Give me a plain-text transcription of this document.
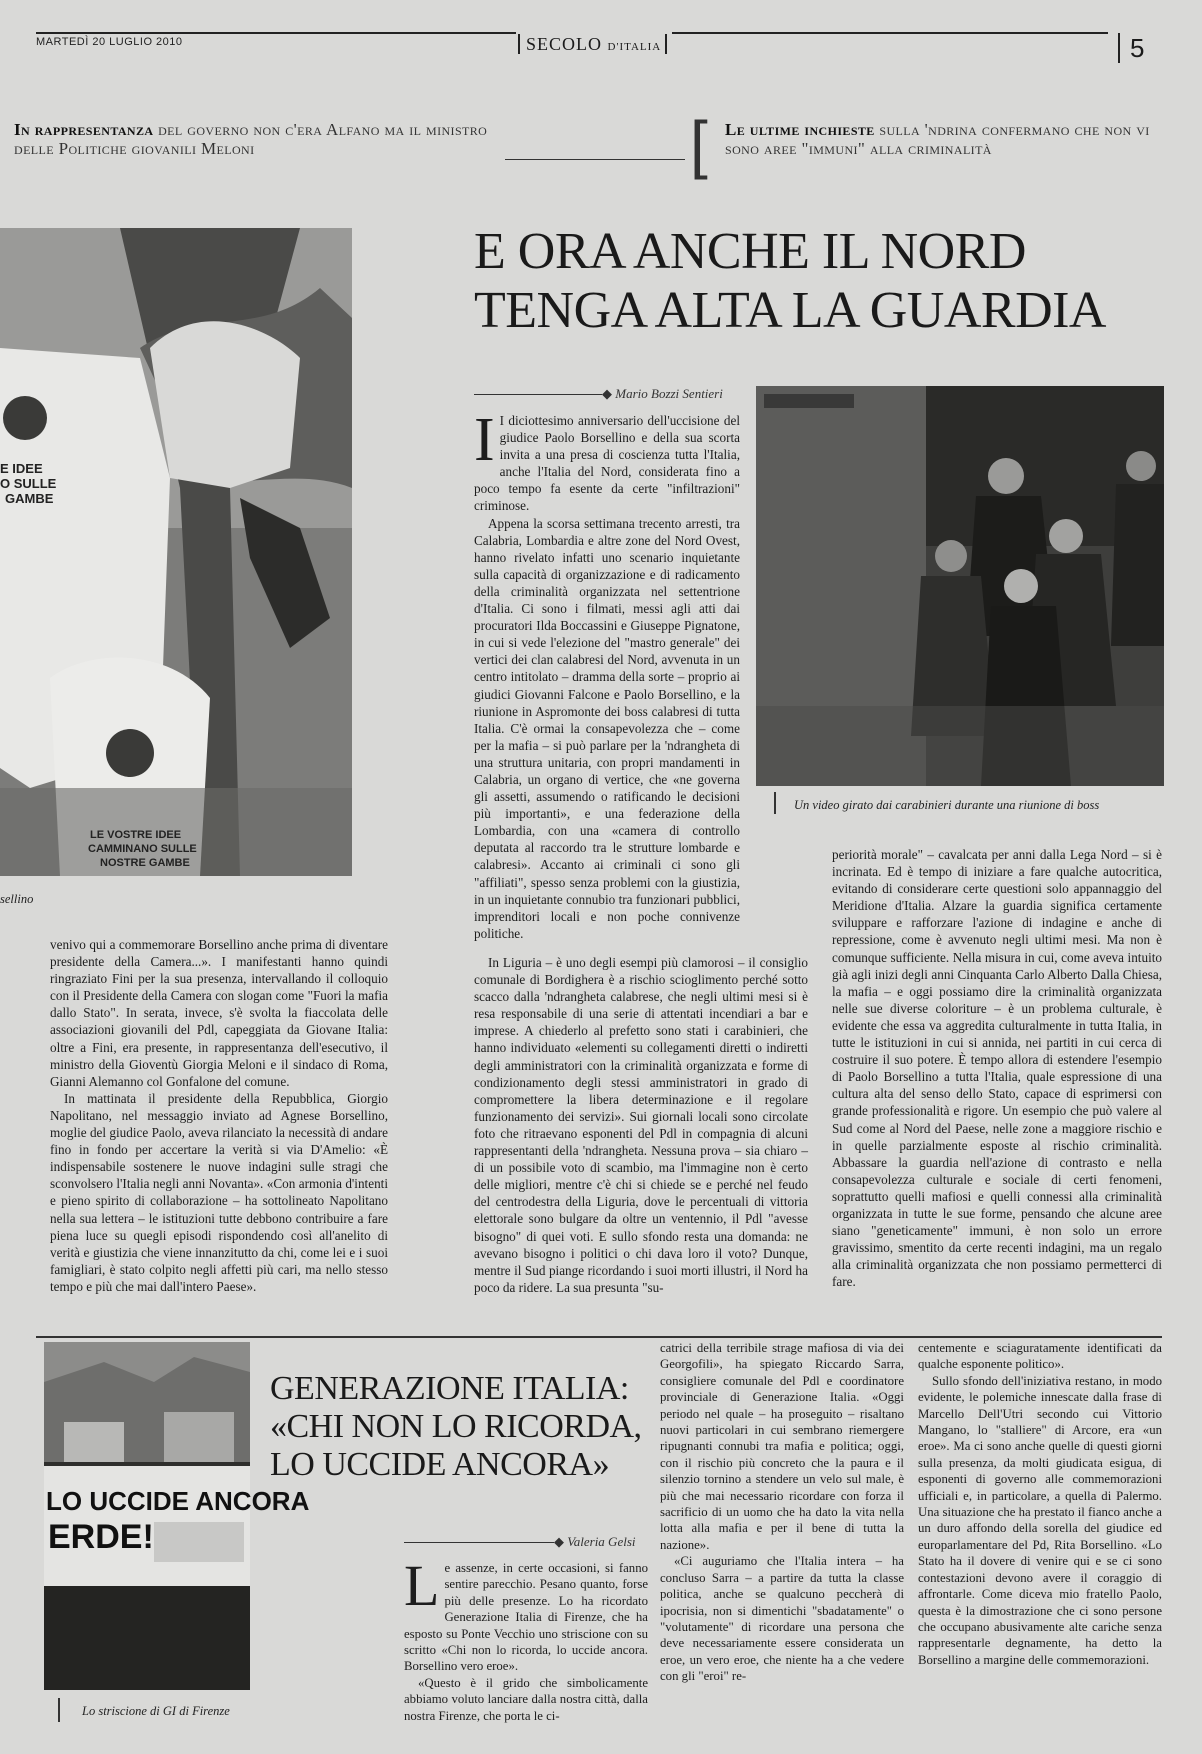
MARTEDÌ 20 LUGLIO 2010	SECOLO D'ITALIA	5
In rappresentanza del governo non c'era Alfano ma il ministro delle Politiche giovanili Meloni	[ Le ultime inchieste sulla 'ndrina confermano che non vi sono aree "immuni" alla criminalità
E IDEE
O SULLE
GAMBE
LE VOSTRE IDEE
CAMMINANO SULLE
NOSTRE GAMBE
sellino
E ORA ANCHE IL NORD
TENGA ALTA LA GUARDIA
◆ Mario Bozzi Sentieri
Un video girato dai carabinieri durante una riunione di boss

I I diciottesimo anniversario dell'uccisione del giudice Paolo Borsellino e della sua scorta invita a una presa di coscienza tutta l'Italia, anche l'Italia del Nord, considerata fino a poco tempo fa esente da certe "infiltrazioni" criminose.

Appena la scorsa settimana trecento arresti, tra Calabria, Lombardia e altre zone del Nord Ovest, hanno rivelato infatti uno scenario inquietante sulla capacità di organizzazione e di radicamento della criminalità organizzata nel settentrione d'Italia. Ci sono i filmati, messi agli atti dai procuratori Ilda Boccassini e Giuseppe Pignatone, in cui si vede l'elezione del "mastro generale" dei vertici dei clan calabresi del Nord, avvenuta in un centro intitolato – dramma della sorte – proprio ai giudici Giovanni Falcone e Paolo Borsellino, e la riunione in Aspromonte dei boss calabresi di tutta Italia. C'è ormai la consapevolezza che – come per la mafia – si può parlare per la 'ndrangheta di una struttura unitaria, con propri mandamenti in Calabria, un organo di vertice, che «ne governa gli assetti, assumendo o ratificando le decisioni più importanti», e una federazione della Lombardia, con una «camera di controllo deputata al raccordo tra le strutture lombarde e calabresi». Accanto ai criminali ci sono gli "affiliati", spesso senza problemi con la giustizia, in un inquietante connubio tra funzionari pubblici, imprenditori locali e non poche connivenze politiche.

In Liguria – è uno degli esempi più clamorosi – il consiglio comunale di Bordighera è a rischio scioglimento perché sotto scacco dalla 'ndrangheta calabrese, che negli ultimi mesi si è resa responsabile di una serie di attentati incendiari a bar e imprese. A chiederlo al prefetto sono stati i carabinieri, che hanno individuato «elementi su collegamenti diretti o indiretti degli amministratori con la criminalità organizzata e forme di condizionamento degli stessi amministratori in grado di compromettere la libera determinazione e il regolare funzionamento dei servizi». Sui giornali locali sono circolate foto che ritraevano esponenti del Pdl in compagnia di alcuni rappresentanti della 'ndrangheta. Nessuna prova – sia chiaro – di un possibile voto di scambio, ma l'immagine non è certo delle migliori, mentre c'è chi si chiede se e perché nel feudo del centrodestra della Liguria, dove le percentuali di vittoria elettorale sono bulgare da oltre un ventennio, il Pdl "avesse bisogno" di quei voti. E sullo sfondo resta una domanda: ne avevano bisogno i politici o chi dava loro il voto? Dunque, mentre il Sud piange ricordando i suoi morti illustri, il Nord ha poco da ridere. La sua presunta "su-

periorità morale" – cavalcata per anni dalla Lega Nord – si è incrinata. Ed è tempo di iniziare a fare qualche autocritica, evitando di considerare certe questioni solo appannaggio del Meridione d'Italia. Alzare la guardia significa certamente sviluppare e rafforzare l'azione di indagine e anche di repressione, come è avvenuto negli ultimi mesi. Ma non è comunque sufficiente. Nella misura in cui, come aveva intuito già agli inizi degli anni Cinquanta Carlo Alberto Dalla Chiesa, la mafia – e oggi possiamo dire la criminalità organizzata nelle sue diverse coloriture – è un problema culturale, è evidente che essa va aggredita culturalmente in tutta Italia, in tutte le istituzioni in cui si annida, nei partiti in cui cerca di costruire il suo potere. È tempo allora di estendere l'esempio di Paolo Borsellino a tutta l'Italia, quale espressione di una cultura alta del senso dello Stato, capace di esprimersi con grande professionalità e rigore. Un esempio che può valere al Sud come al Nord del Paese, nelle zone a maggiore rischio e in quelle parzialmente esposte al rischio criminalità. Abbassare la guardia nell'azione di contrasto e nella consapevolezza culturale e sociale di certi fenomeni, soprattutto quelli mafiosi e quelli connessi alla criminalità organizzata in tutte le sue forme, pensando che alcune aree siano "geneticamente" immuni, è non solo un errore gravissimo, smentito da certe recenti indagini, ma un regalo alla criminalità organizzata che non possiamo permetterci di fare.

venivo qui a commemorare Borsellino anche prima di diventare presidente della Camera...». I manifestanti hanno quindi ringraziato Fini per la sua presenza, intervallando il colloquio con il Presidente della Camera con slogan come "Fuori la mafia dallo Stato". In serata, invece, s'è svolta la fiaccolata delle associazioni giovanili del Pdl, capeggiata da Giovane Italia: oltre a Fini, era presente, in rappresentanza dell'esecutivo, il ministro della Gioventù Giorgia Meloni e il sindaco di Roma, Gianni Alemanno col Gonfalone del comune.

In mattinata il presidente della Repubblica, Giorgio Napolitano, nel messaggio inviato ad Agnese Borsellino, moglie del giudice Paolo, aveva rilanciato la necessità di andare fino in fondo per accertare la verità si via D'Amelio: «È indispensabile sostenere le nuove indagini sulle stragi che sconvolsero l'Italia negli anni Novanta». «Con armonia d'intenti e pieno spirito di collaborazione – ha sottolineato Napolitano nella sua lettera – le istituzioni tutte debbono contribuire a fare piena luce su quegli episodi rispondendo così all'anelito di verità e giustizia che viene innanzitutto da chi, come lei e i suoi famigliari, è stato colpito negli affetti più cari, ma nello stesso tempo e più che mai dall'intero Paese».

LO UCCIDE ANCORA
ERDE!
Lo striscione di GI di Firenze
GENERAZIONE ITALIA:
«CHI NON LO RICORDA,
LO UCCIDE ANCORA»
◆ Valeria Gelsi

Le assenze, in certe occasioni, si fanno sentire parecchio. Pesano quanto, forse più delle presenze. Lo ha ricordato Generazione Italia di Firenze, che ha esposto su Ponte Vecchio uno striscione con su scritto «Chi non lo ricorda, lo uccide ancora. Borsellino vero eroe».

«Questo è il grido che simbolicamente abbiamo voluto lanciare dalla nostra città, dalla nostra Firenze, che porta le ci-

catrici della terribile strage mafiosa di via dei Georgofili», ha spiegato Riccardo Sarra, consigliere comunale del Pdl e coordinatore provinciale di Generazione Italia. «Oggi periodo nel quale – ha proseguito – risaltano nuovi particolari in cui sembrano riemergere ripugnanti connubi tra mafia e politica; oggi, con il rischio più concreto che la paura e il silenzio tornino a stendere un velo sul male, è più che mai necessario ricordare con forza il sacrificio di un uomo che ha dato la vita nella lotta alla mafia e per il bene di tutta la nazione».

«Ci auguriamo che l'Italia intera – ha concluso Sarra – a partire da tutta la classe politica, anche se qualcuno peccherà di ipocrisia, non si dimentichi "sbadatamente" o "volutamente" di ricordare una persona che deve necessariamente essere considerata un eroe, un vero eroe, che niente ha a che vedere con gli "eroi" re-

centemente e sciaguratamente identificati da qualche esponente politico».

Sullo sfondo dell'iniziativa restano, in modo evidente, le polemiche innescate dalla frase di Marcello Dell'Utri secondo cui Vittorio Mangano, lo "stalliere" di Arcore, era «un eroe». Ma ci sono anche quelle di questi giorni sulla presenza, da molti giudicata esigua, di esponenti di governo alle commemorazioni ufficiali e, in particolare, a quella di Palermo. Una situazione che ha prestato il fianco anche a un duro affondo della sorella del giudice ed europarlamentare del Pd, Rita Borsellino. «Lo Stato ha il dovere di venire qui e se ci sono contestazioni devono avere il coraggio di affrontarle. Come diceva mio fratello Paolo, questa è la dimostrazione che ci sono persone che occupano abusivamente alte cariche senza rappresentarle degnamente, ha detto la Borsellino a margine delle commemorazioni.
